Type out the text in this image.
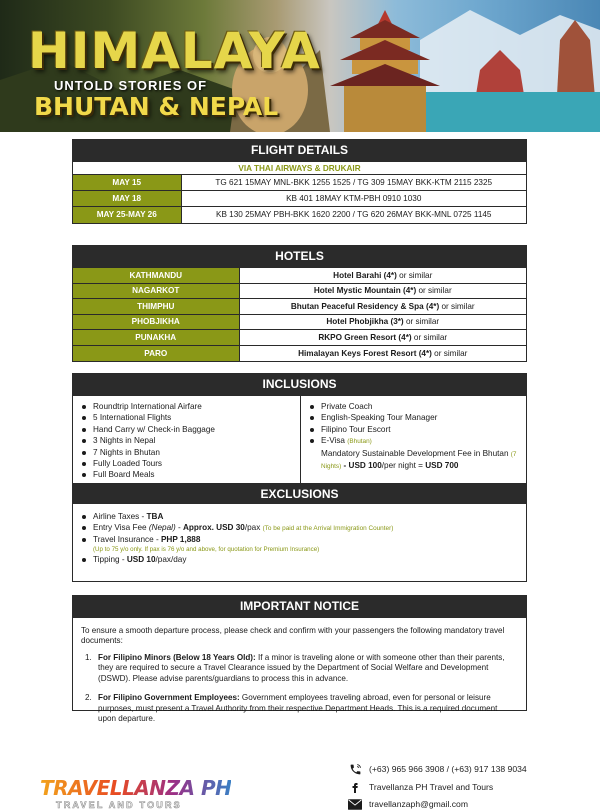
HIMALAYA
UNTOLD STORIES OF
BHUTAN & NEPAL
FLIGHT DETAILS
VIA THAI AIRWAYS & DRUKAIR
MAY 15	TG 621 15MAY MNL-BKK 1255 1525 / TG 309 15MAY BKK-KTM 2115 2325
MAY 18	KB 401 18MAY KTM-PBH 0910 1030
MAY 25-MAY 26	KB 130 25MAY PBH-BKK 1620 2200 / TG 620 26MAY BKK-MNL 0725 1145
HOTELS
KATHMANDU	Hotel Barahi (4*) or similar
NAGARKOT	Hotel Mystic Mountain (4*) or similar
THIMPHU	Bhutan Peaceful Residency & Spa (4*) or similar
PHOBJIKHA	Hotel Phobjikha (3*) or similar
PUNAKHA	RKPO Green Resort (4*) or similar
PARO	Himalayan Keys Forest Resort (4*) or similar
INCLUSIONS
Roundtrip International Airfare
5 International Flights
Hand Carry w/ Check-in Baggage
3 Nights in Nepal
7 Nights in Bhutan
Fully Loaded Tours
Full Board Meals
Private Coach
English-Speaking Tour Manager
Filipino Tour Escort
E-Visa (Bhutan)
Mandatory Sustainable Development Fee in Bhutan (7 Nights) - USD 100/per night = USD 700
EXCLUSIONS
Airline Taxes - TBA
Entry Visa Fee (Nepal) - Approx. USD 30/pax (To be paid at the Arrival Immigration Counter)
Travel Insurance - PHP 1,888
(Up to 75 y/o only. If pax is 76 y/o and above, for quotation for Premium Insurance)
Tipping - USD 10/pax/day
IMPORTANT NOTICE
To ensure a smooth departure process, please check and confirm with your passengers the following mandatory travel documents:
1. For Filipino Minors (Below 18 Years Old): If a minor is traveling alone or with someone other than their parents, they are required to secure a Travel Clearance issued by the Department of Social Welfare and Development (DSWD). Please advise parents/guardians to process this in advance.
2. For Filipino Government Employees: Government employees traveling abroad, even for personal or leisure purposes, must present a Travel Authority from their respective Department Heads. This is a required document upon departure.
TRAVELLANZA PH
TRAVEL AND TOURS
(+63) 965 966 3908 / (+63) 917 138 9034
Travellanza PH Travel and Tours
travellanzaph@gmail.com
